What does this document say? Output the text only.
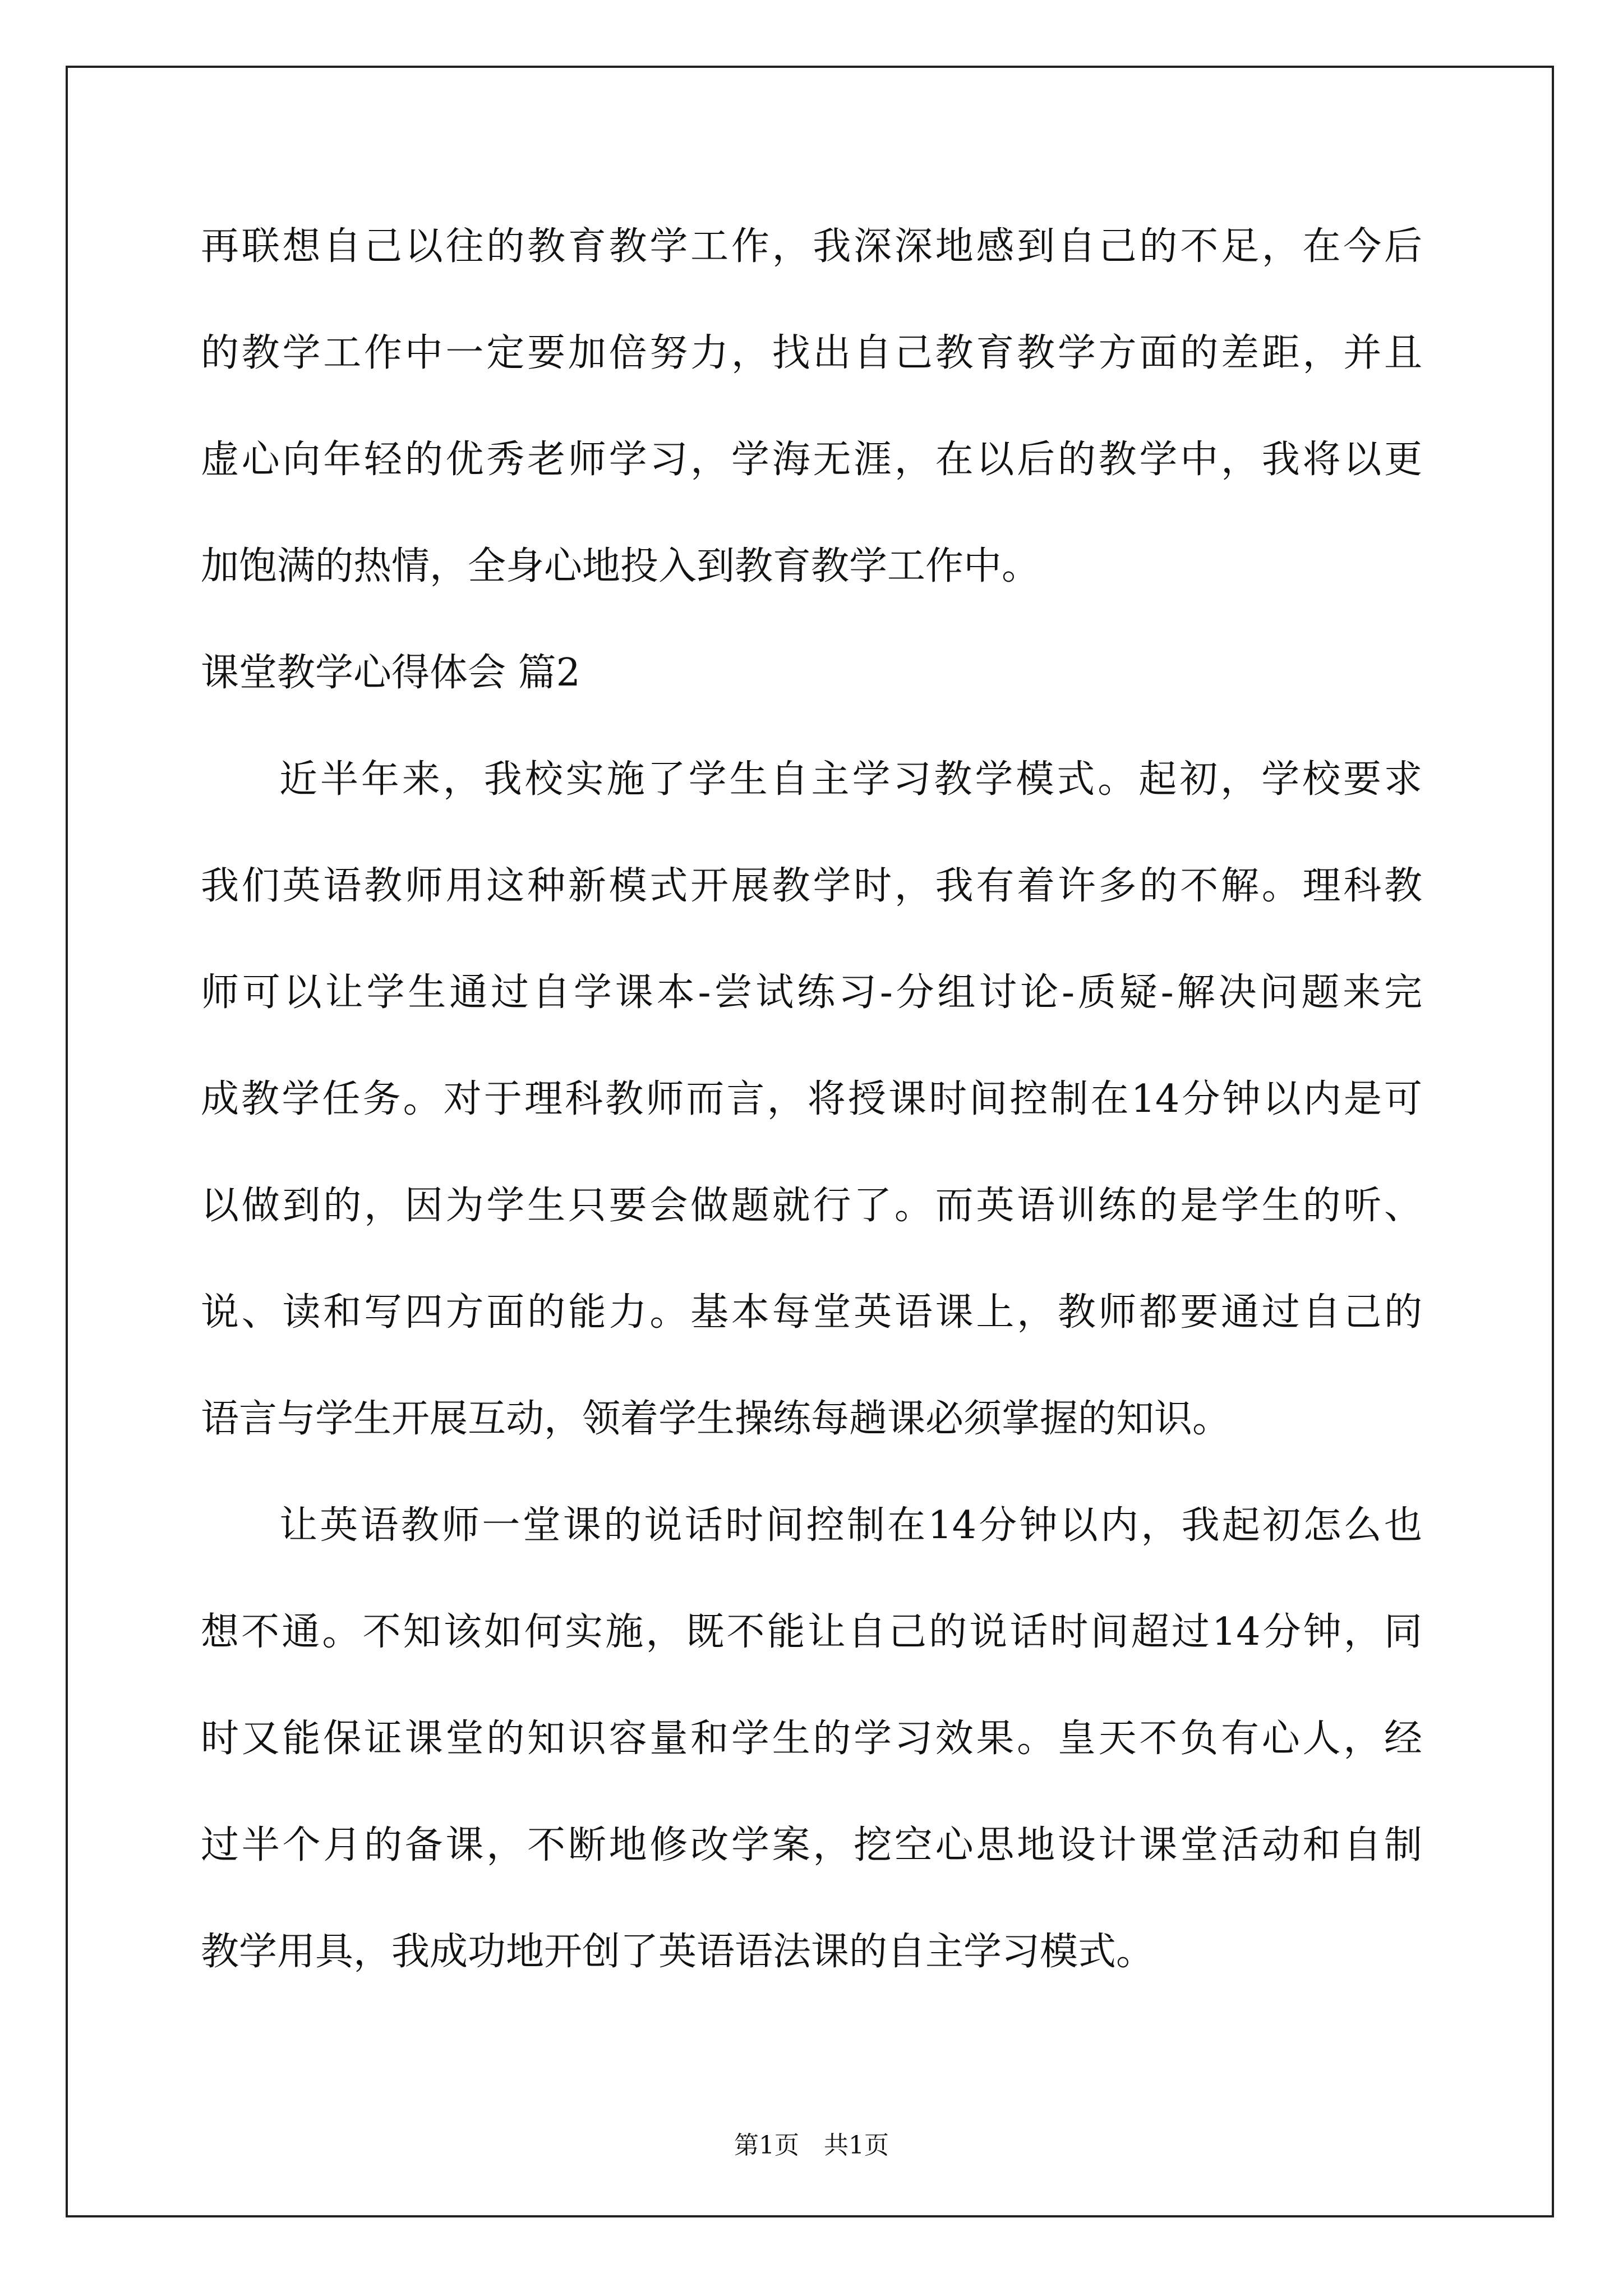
再联想自己以往的教育教学工作，我深深地感到自己的不足，在今后
的教学工作中一定要加倍努力，找出自己教育教学方面的差距，并且
虚心向年轻的优秀老师学习，学海无涯，在以后的教学中，我将以更
加饱满的热情，全身心地投入到教育教学工作中。
课堂教学心得体会 篇2
近半年来，我校实施了学生自主学习教学模式。起初，学校要求
我们英语教师用这种新模式开展教学时，我有着许多的不解。理科教
师可以让学生通过自学课本-尝试练习-分组讨论-质疑-解决问题来完
成教学任务。对于理科教师而言，将授课时间控制在14分钟以内是可
以做到的，因为学生只要会做题就行了。而英语训练的是学生的听、
说、读和写四方面的能力。基本每堂英语课上，教师都要通过自己的
语言与学生开展互动，领着学生操练每趟课必须掌握的知识。
让英语教师一堂课的说话时间控制在14分钟以内，我起初怎么也
想不通。不知该如何实施，既不能让自己的说话时间超过14分钟，同
时又能保证课堂的知识容量和学生的学习效果。皇天不负有心人，经
过半个月的备课，不断地修改学案，挖空心思地设计课堂活动和自制
教学用具，我成功地开创了英语语法课的自主学习模式。
第1页　共1页
